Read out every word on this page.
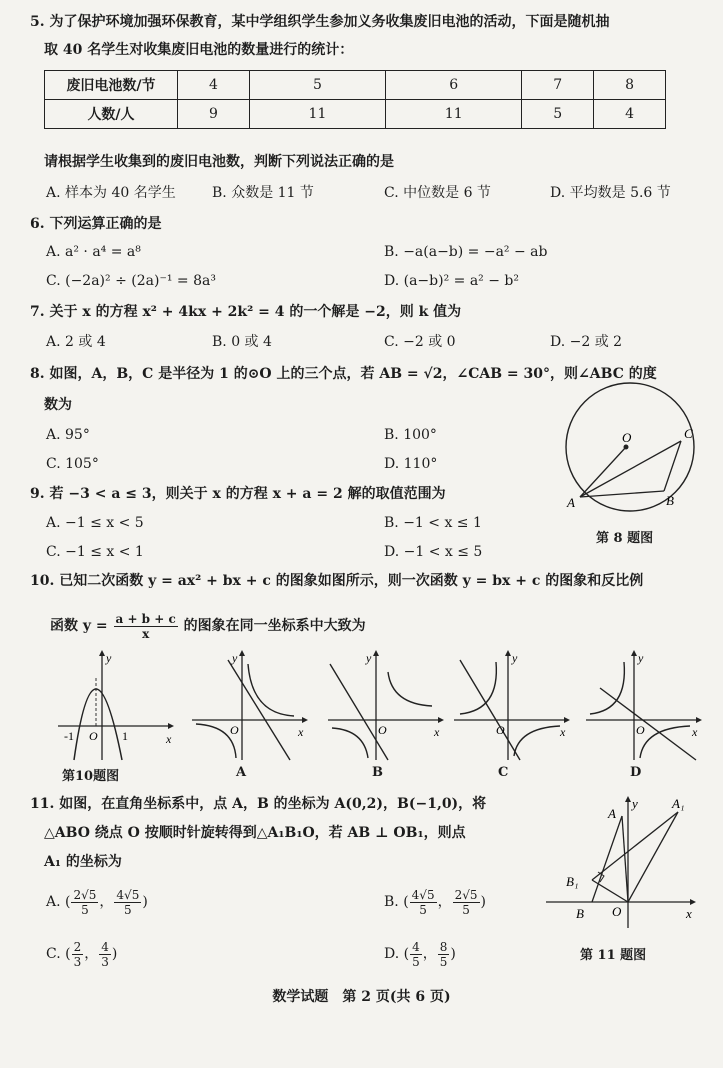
5. 为了保护环境加强环保教育，某中学组织学生参加义务收集废旧电池的活动，下面是随机抽
取 40 名学生对收集废旧电池的数量进行的统计：
废旧电池数/节	4	5	6	7	8
人数/人	9	11	11	5	4
请根据学生收集到的废旧电池数，判断下列说法正确的是
A. 样本为 40 名学生	B. 众数是 11 节	C. 中位数是 6 节	D. 平均数是 5.6 节
6. 下列运算正确的是
A. a² · a⁴ = a⁸	B. −a(a−b) = −a² − ab
C. (−2a)² ÷ (2a)⁻¹ = 8a³	D. (a−b)² = a² − b²
7. 关于 x 的方程 x² + 4kx + 2k² = 4 的一个解是 −2，则 k 值为
A. 2 或 4	B. 0 或 4	C. −2 或 0	D. −2 或 2
8. 如图，A，B，C 是半径为 1 的⊙O 上的三个点，若 AB = √2，∠CAB = 30°，则∠ABC 的度
数为
A. 95°	B. 100°
C. 105°	D. 110°
O	C
A	B
第 8 题图
9. 若 −3 < a ≤ 3，则关于 x 的方程 x + a = 2 解的取值范围为
A. −1 ≤ x < 5	B. −1 < x ≤ 1
C. −1 ≤ x < 1	D. −1 < x ≤ 5
10. 已知二次函数 y = ax² + bx + c 的图象如图所示，则一次函数 y = bx + c 的图象和反比例
函数 $y = \frac{a + b + c}{x}$ 的图象在同一坐标系中大致为
y
x
O
-1	1
第10题图
y
x
O
A
y
x
O
B
y
x
O
C
y
x
O
D
11. 如图，在直角坐标系中，点 A，B 的坐标为 A(0,2)，B(−1,0)，将
△ABO 绕点 O 按顺时针旋转得到△A₁B₁O，若 AB ⊥ OB₁，则点
A₁ 的坐标为
A. ( $\frac{2√5}{5}$ ， $\frac{4√5}{5}$ )	B. ( $\frac{4√5}{5}$ ， $\frac{2√5}{5}$ )
C. ( $\frac{2}{3}$ ， $\frac{4}{3}$ )	D. ( $\frac{4}{5}$ ， $\frac{8}{5}$ )
A
y	A₁
B₁
B O	x
第 11 题图
数学试题　第 2 页(共 6 页)
